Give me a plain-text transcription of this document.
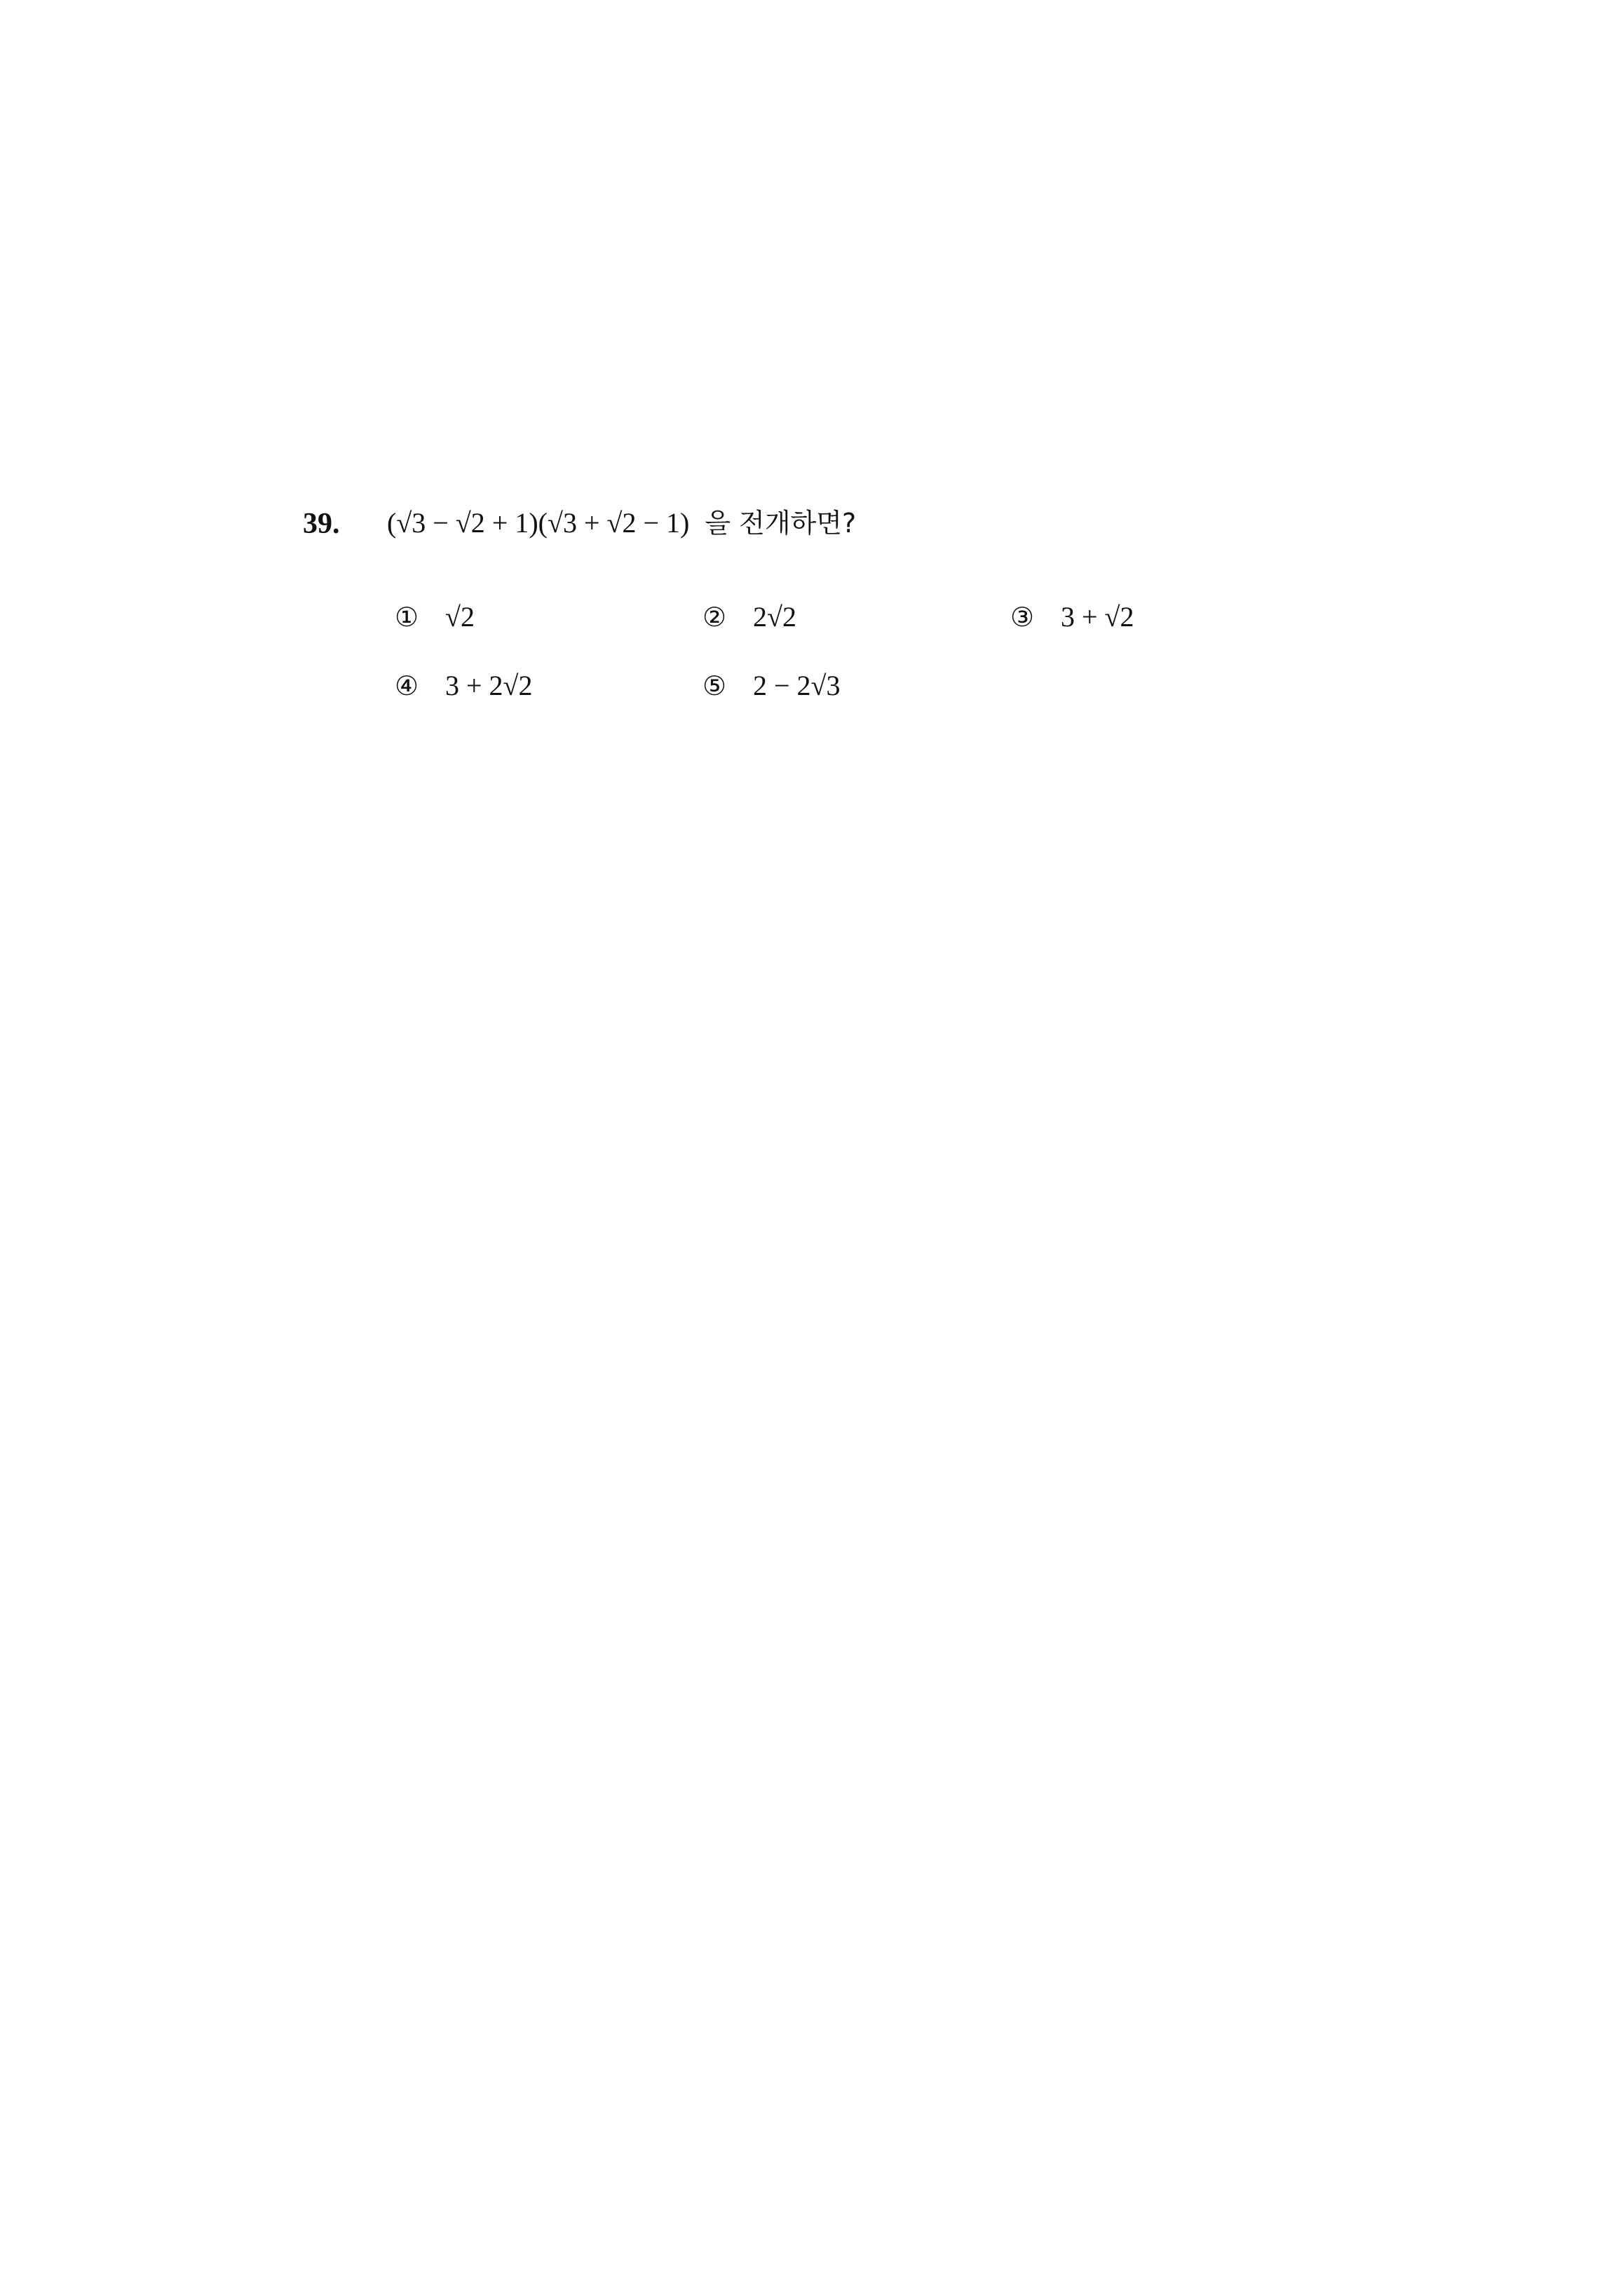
39. (√3 − √2 + 1)(√3 + √2 − 1) 을 전개하면?
① √2	② 2√2	③ 3 + √2
④ 3 + 2√2	⑤ 2 − 2√3
